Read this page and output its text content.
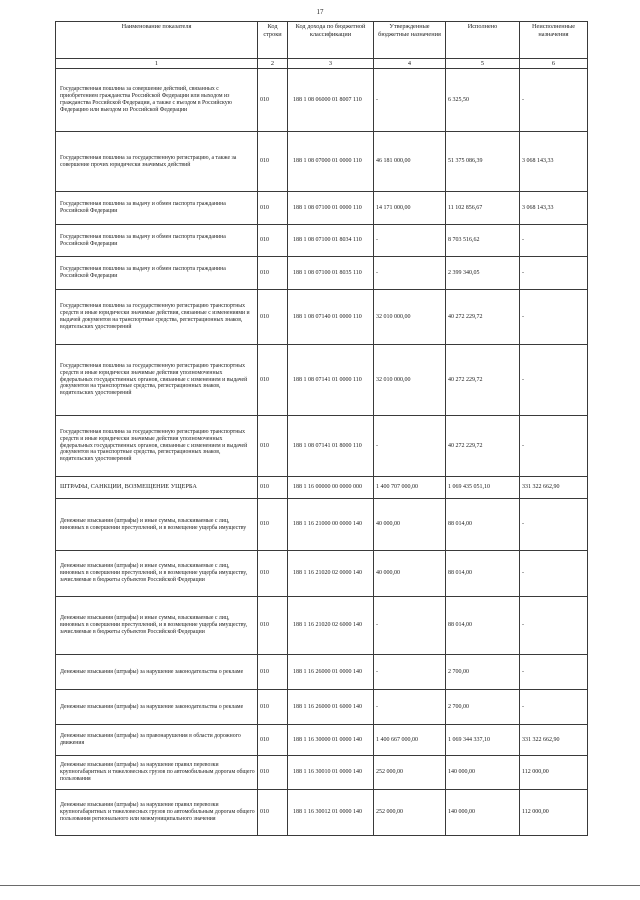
17
Наименование показателя	Код строки	Код дохода по бюджетной классификации	Утвержденные бюджетные назначения	Исполнено	Неисполненные назначения
1	2	3	4	5	6
Государственная пошлина за совершение действий, связанных с приобретением гражданства Российской Федерации или выходом из гражданства Российской Федерации, а также с въездом в Российскую Федерацию или выездом из Российской Федерации	010	188 1 08 06000 01 8007 110	-	6 325,50	-
Государственная пошлина за государственную регистрацию, а также за совершение прочих юридически значимых действий	010	188 1 08 07000 01 0000 110	46 181 000,00	51 375 086,39	3 068 143,33
Государственная пошлина за выдачу и обмен паспорта гражданина Российской Федерации	010	188 1 08 07100 01 0000 110	14 171 000,00	11 102 856,67	3 068 143,33
Государственная пошлина за выдачу и обмен паспорта гражданина Российской Федерации	010	188 1 08 07100 01 8034 110	-	8 703 516,62	-
Государственная пошлина за выдачу и обмен паспорта гражданина Российской Федерации	010	188 1 08 07100 01 8035 110	-	2 399 340,05	-
Государственная пошлина за государственную регистрацию транспортных средств и иные юридически значимые действия, связанные с изменениями и выдачей документов на транспортные средства, регистрационных знаков, водительских удостоверений	010	188 1 08 07140 01 0000 110	32 010 000,00	40 272 229,72	-
Государственная пошлина за государственную регистрацию транспортных средств и иные юридически значимые действия уполномоченных федеральных государственных органов, связанные с изменением и выдачей документов на транспортные средства, регистрационных знаков, водительских удостоверений	010	188 1 08 07141 01 0000 110	32 010 000,00	40 272 229,72	-
Государственная пошлина за государственную регистрацию транспортных средств и иные юридически значимые действия уполномоченных федеральных государственных органов, связанные с изменением и выдачей документов на транспортные средства, регистрационных знаков, водительских удостоверений	010	188 1 08 07141 01 8000 110	-	40 272 229,72	-
ШТРАФЫ, САНКЦИИ, ВОЗМЕЩЕНИЕ УЩЕРБА	010	188 1 16 00000 00 0000 000	1 400 707 000,00	1 069 435 051,10	331 322 662,90
Денежные взыскания (штрафы) и иные суммы, взыскиваемые с лиц, виновных в совершении преступлений, и в возмещение ущерба имуществу	010	188 1 16 21000 00 0000 140	40 000,00	88 014,00	-
Денежные взыскания (штрафы) и иные суммы, взыскиваемые с лиц, виновных в совершении преступлений, и в возмещение ущерба имуществу, зачисляемые в бюджеты субъектов Российской Федерации	010	188 1 16 21020 02 0000 140	40 000,00	88 014,00	-
Денежные взыскания (штрафы) и иные суммы, взыскиваемые с лиц, виновных в совершении преступлений, и в возмещение ущерба имуществу, зачисляемые в бюджеты субъектов Российской Федерации	010	188 1 16 21020 02 6000 140	-	88 014,00	-
Денежные взыскания (штрафы) за нарушение законодательства о рекламе	010	188 1 16 26000 01 0000 140	-	2 700,00	-
Денежные взыскания (штрафы) за нарушение законодательства о рекламе	010	188 1 16 26000 01 6000 140	-	2 700,00	-
Денежные взыскания (штрафы) за правонарушения в области дорожного движения	010	188 1 16 30000 01 0000 140	1 400 667 000,00	1 069 344 337,10	331 322 662,90
Денежные взыскания (штрафы) за нарушение правил перевозки крупногабаритных и тяжеловесных грузов по автомобильным дорогам общего пользования	010	188 1 16 30010 01 0000 140	252 000,00	140 000,00	112 000,00
Денежные взыскания (штрафы) за нарушение правил перевозки крупногабаритных и тяжеловесных грузов по автомобильным дорогам общего пользования регионального или межмуниципального значения	010	188 1 16 30012 01 0000 140	252 000,00	140 000,00	112 000,00
